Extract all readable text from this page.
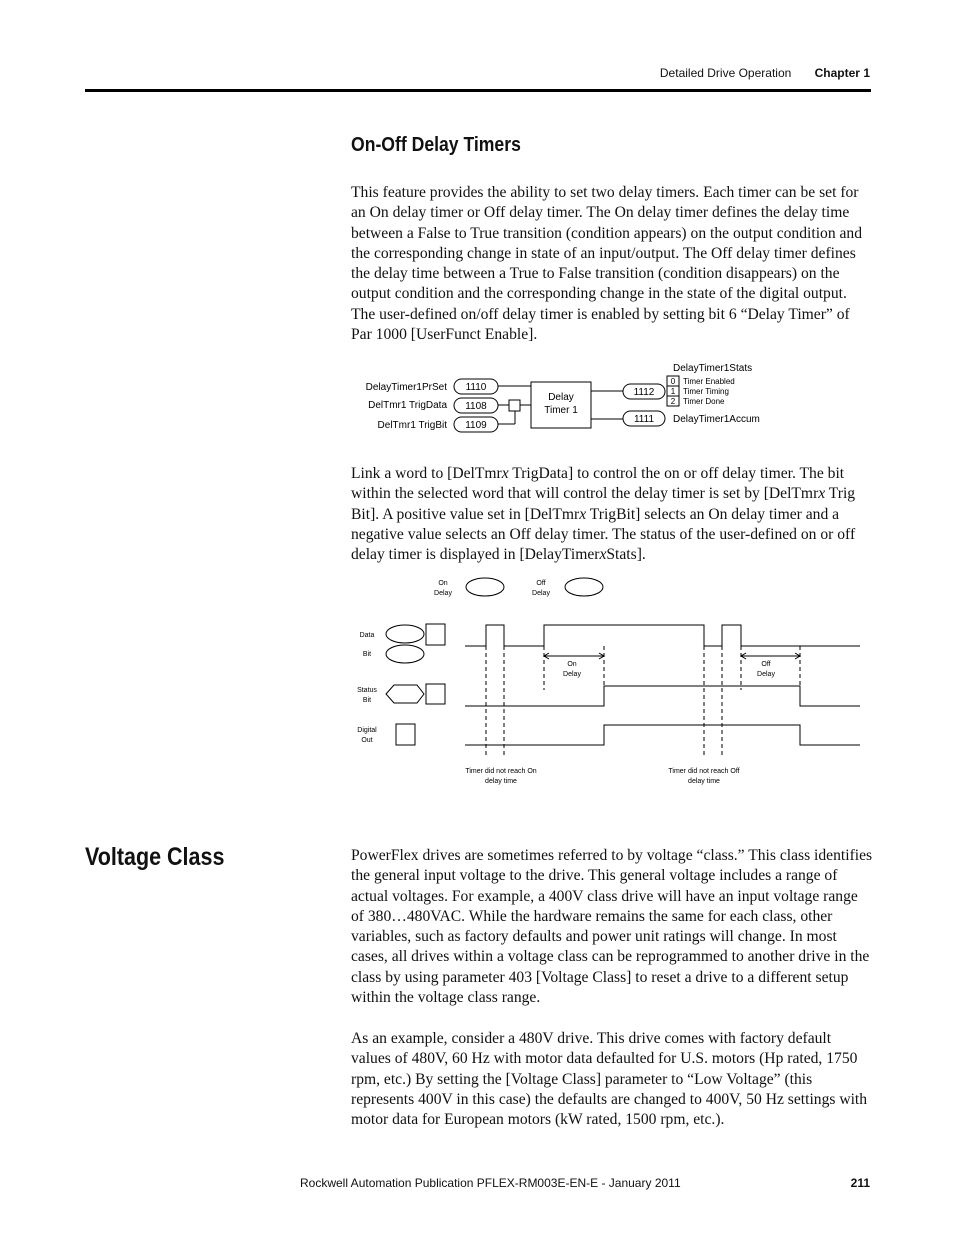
Detailed Drive Operation Chapter 1
On-Off Delay Timers

This feature provides the ability to set two delay timers. Each timer can be set for an On delay timer or Off delay timer. The On delay timer defines the delay time between a False to True transition (condition appears) on the output condition and the corresponding change in state of an input/output. The Off delay timer defines the delay time between a True to False transition (condition disappears) on the output condition and the corresponding change in the state of the digital output. The user-defined on/off delay timer is enabled by setting bit 6 “Delay Timer” of Par 1000 [UserFunct Enable].

Link a word to [DelTmrx TrigData] to control the on or off delay timer. The bit within the selected word that will control the delay timer is set by [DelTmrx Trig Bit]. A positive value set in [DelTmrx TrigBit] selects an On delay timer and a negative value selects an Off delay timer. The status of the user-defined on or off delay timer is displayed in [DelayTimerxStats].

DelayTimer1PrSet
DelTmr1 TrigData
DelTmr1 TrigBit
1110
1108
1109
Delay
Timer 1
1112
1111
DelayTimer1Stats
0
1
2
Timer Enabled
Timer Timing
Timer Done
DelayTimer1Accum
On
Delay
Off
Delay
Data
Bit
Status
Bit
Digital
Out
On
Delay
Off
Delay
Timer did not reach On
delay time
Timer did not reach Off
delay time
Voltage Class	PowerFlex drives are sometimes referred to by voltage “class.” This class identifies the general input voltage to the drive. This general voltage includes a range of actual voltages. For example, a 400V class drive will have an input voltage range of 380…480VAC. While the hardware remains the same for each class, other variables, such as factory defaults and power unit ratings will change. In most cases, all drives within a voltage class can be reprogrammed to another drive in the class by using parameter 403 [Voltage Class] to reset a drive to a different setup within the voltage class range.

As an example, consider a 480V drive. This drive comes with factory default values of 480V, 60 Hz with motor data defaulted for U.S. motors (Hp rated, 1750 rpm, etc.) By setting the [Voltage Class] parameter to “Low Voltage” (this represents 400V in this case) the defaults are changed to 400V, 50 Hz settings with motor data for European motors (kW rated, 1500 rpm, etc.).

Rockwell Automation Publication PFLEX-RM003E-EN-E - January 2011	211
